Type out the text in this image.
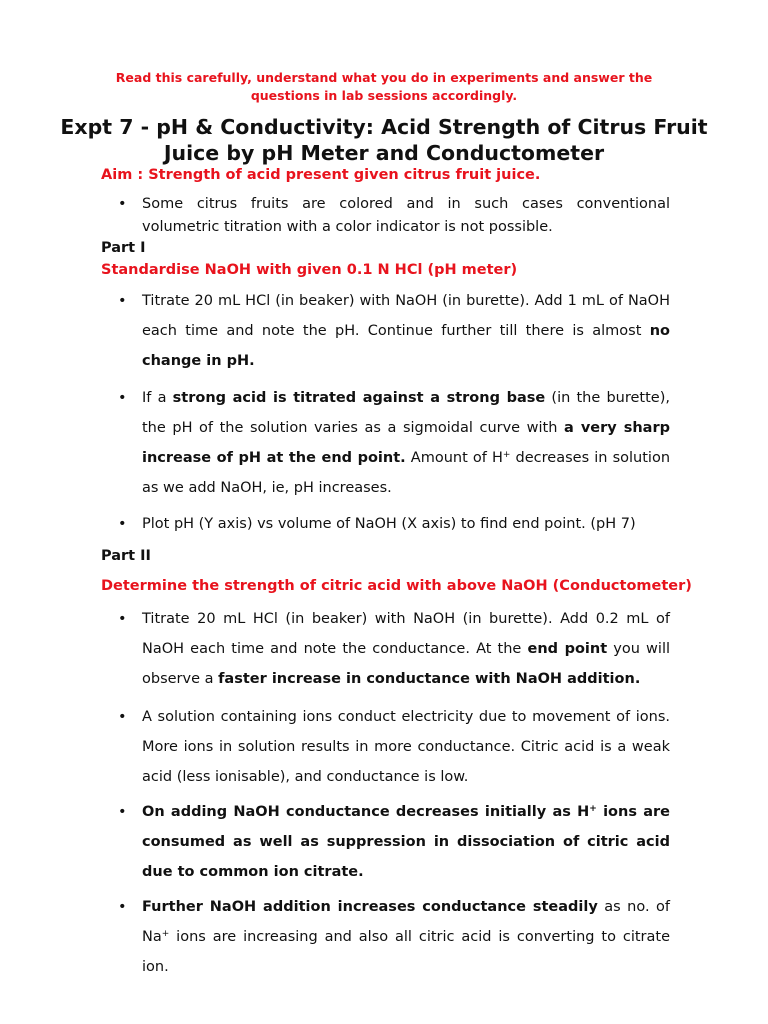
Read this carefully, understand what you do in experiments and answer the questions in lab sessions accordingly.
Expt 7 - pH & Conductivity: Acid Strength of Citrus Fruit Juice by pH Meter and Conductometer

Aim : Strength of acid present given citrus fruit juice.

•	Some citrus fruits are colored and in such cases conventional volumetric titration with a color indicator is not possible.

Part I

Standardise NaOH with given 0.1 N HCl (pH meter)

•	Titrate 20 mL HCl (in beaker) with NaOH (in burette). Add 1 mL of NaOH each time and note the pH. Continue further till there is almost no change in pH.

•	If a strong acid is titrated against a strong base (in the burette), the pH of the solution varies as a sigmoidal curve with a very sharp increase of pH at the end point. Amount of H+ decreases in solution as we add NaOH, ie, pH increases.

•	Plot pH (Y axis) vs volume of NaOH (X axis) to find end point. (pH 7)

Part II

Determine the strength of citric acid with above NaOH (Conductometer)

•	Titrate 20 mL HCl (in beaker) with NaOH (in burette). Add 0.2 mL of NaOH each time and note the conductance. At the end point you will observe a faster increase in conductance with NaOH addition.

•	A solution containing ions conduct electricity due to movement of ions. More ions in solution results in more conductance. Citric acid is a weak acid (less ionisable), and conductance is low.

•	On adding NaOH conductance decreases initially as H+ ions are consumed as well as suppression in dissociation of citric acid due to common ion citrate.

•	Further NaOH addition increases conductance steadily as no. of Na+ ions are increasing and also all citric acid is converting to citrate ion.
